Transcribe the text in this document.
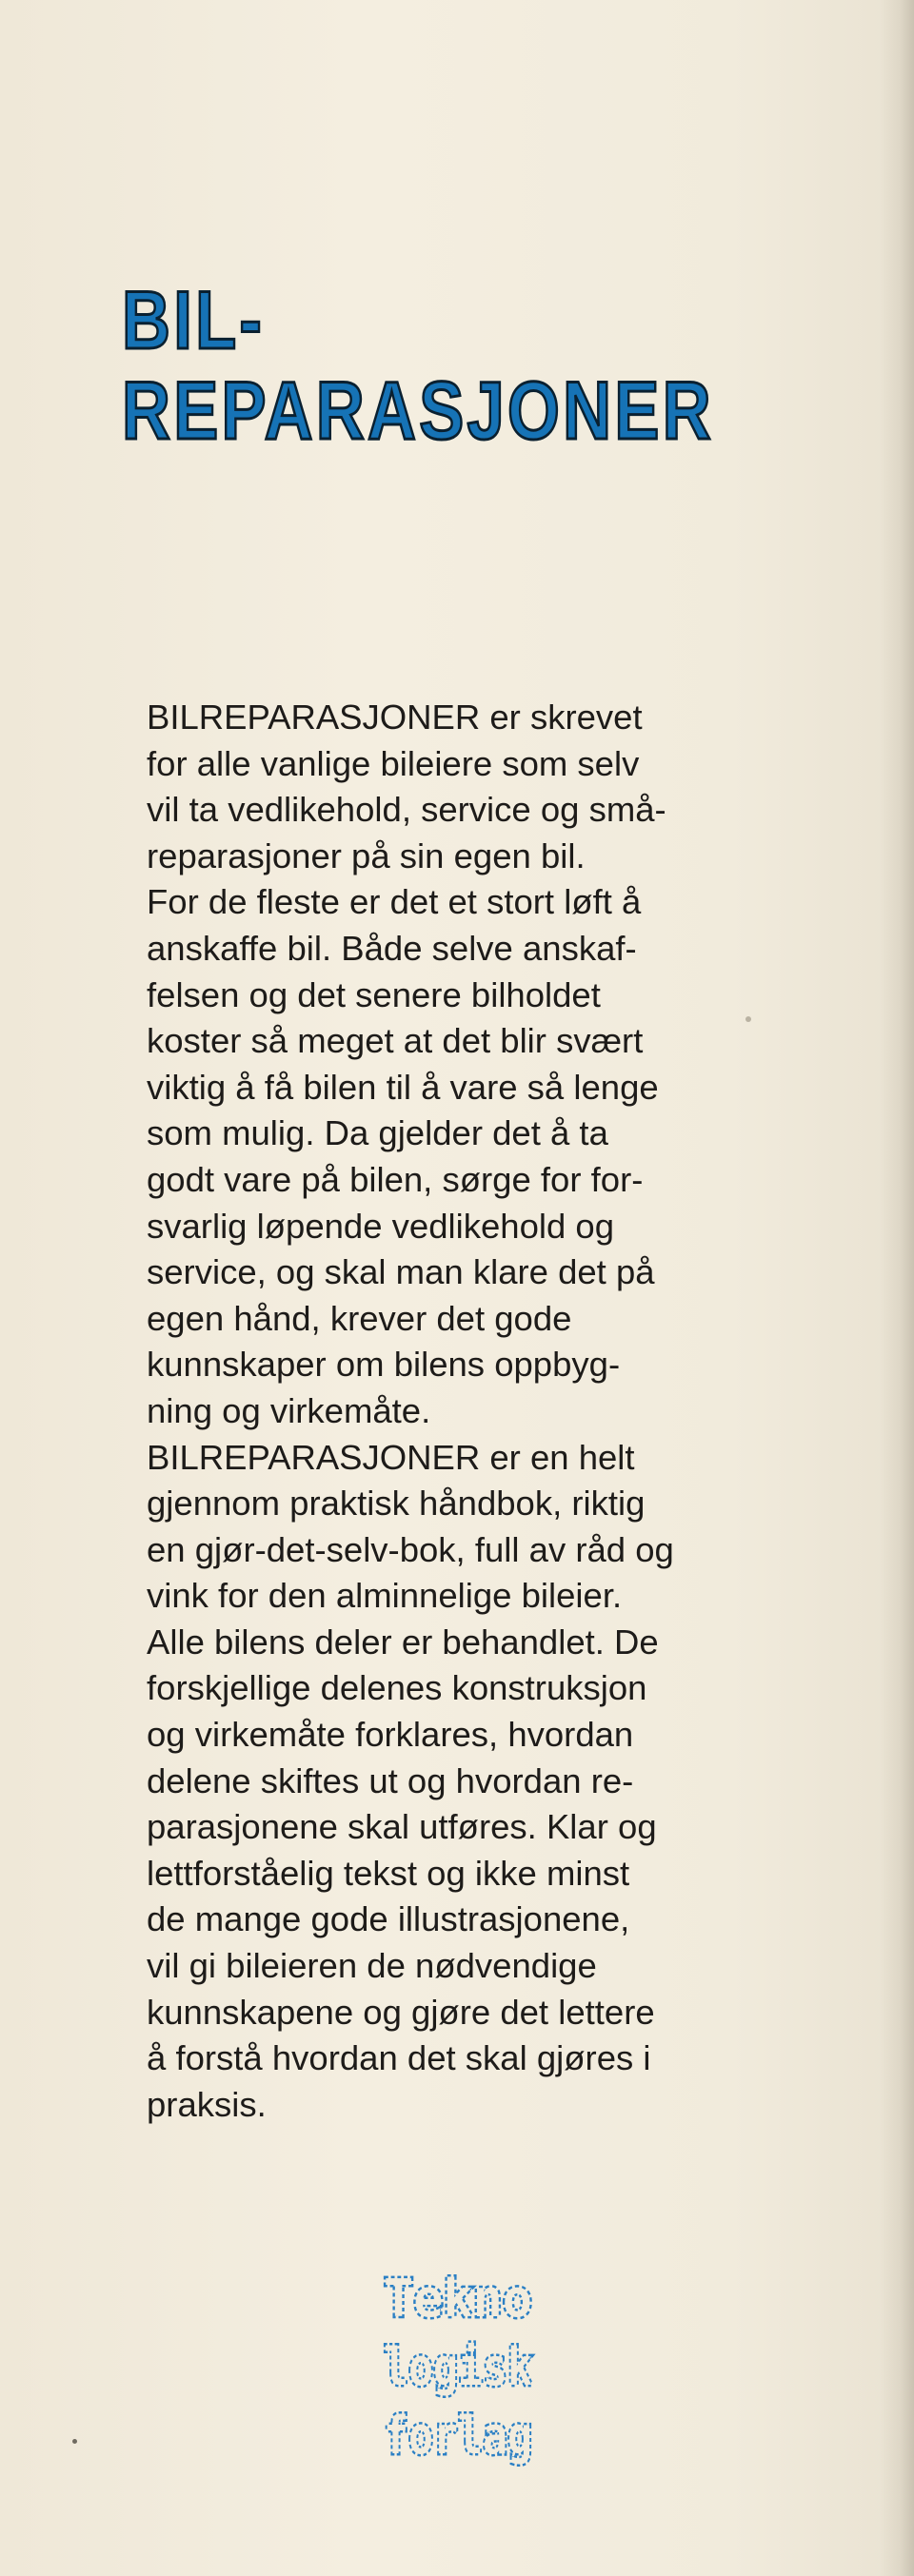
BIL-
REPARASJONER
BILREPARASJONER er skrevet
for alle vanlige bileiere som selv
vil ta vedlikehold, service og små-
reparasjoner på sin egen bil.
For de fleste er det et stort løft å
anskaffe bil. Både selve anskaf-
felsen og det senere bilholdet
koster så meget at det blir svært
viktig å få bilen til å vare så lenge
som mulig. Da gjelder det å ta
godt vare på bilen, sørge for for-
svarlig løpende vedlikehold og
service, og skal man klare det på
egen hånd, krever det gode
kunnskaper om bilens oppbyg-
ning og virkemåte.
BILREPARASJONER er en helt
gjennom praktisk håndbok, riktig
en gjør-det-selv-bok, full av råd og
vink for den alminnelige bileier.
Alle bilens deler er behandlet. De
forskjellige delenes konstruksjon
og virkemåte forklares, hvordan
delene skiftes ut og hvordan re-
parasjonene skal utføres. Klar og
lettforståelig tekst og ikke minst
de mange gode illustrasjonene,
vil gi bileieren de nødvendige
kunnskapene og gjøre det lettere
å forstå hvordan det skal gjøres i
praksis.
Tekno
logisk
forlag
